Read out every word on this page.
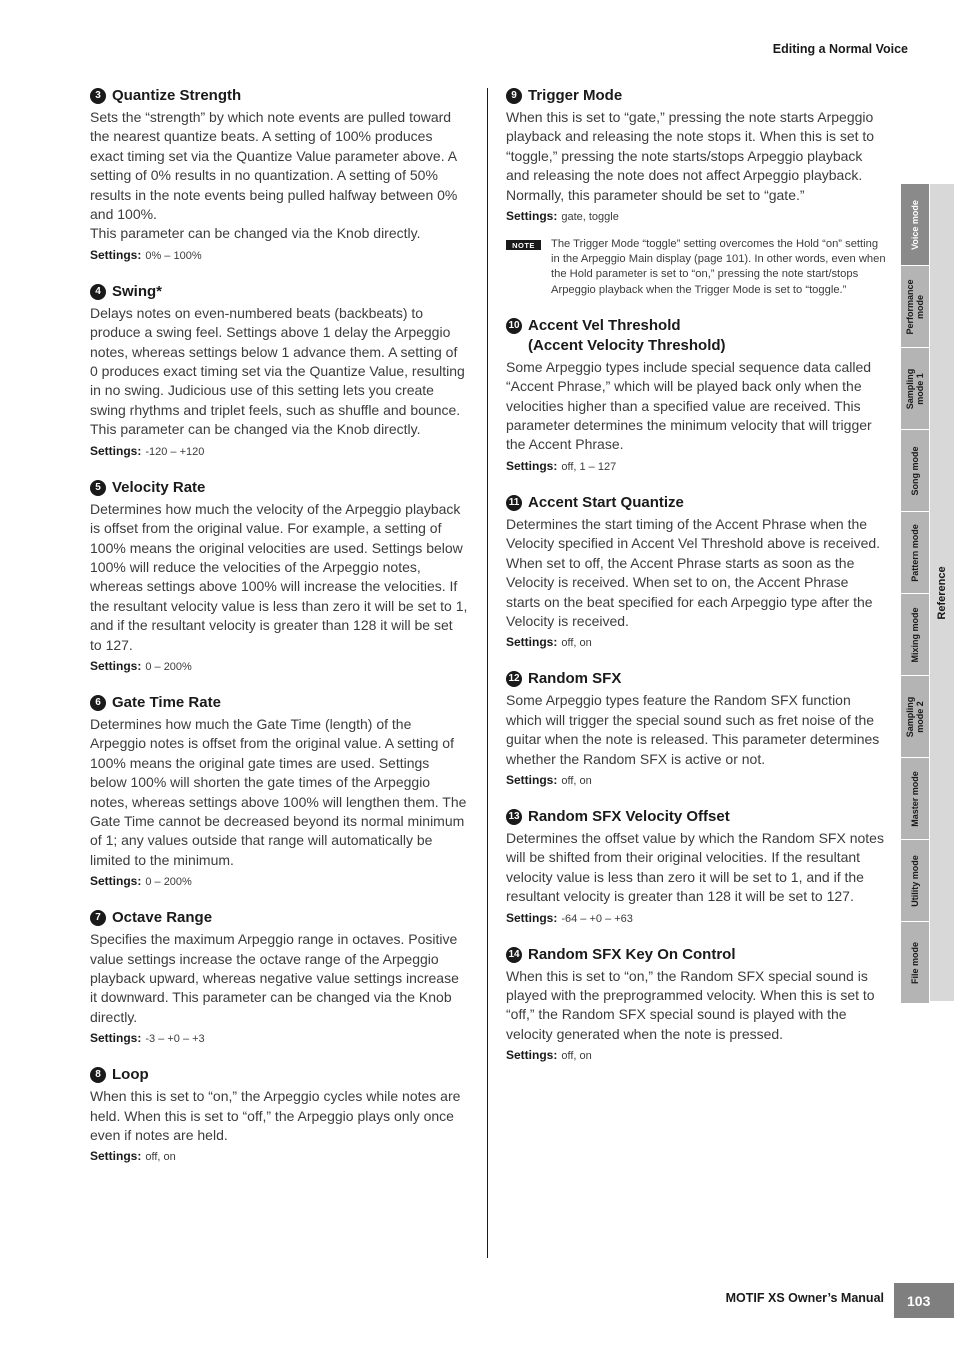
Editing a Normal Voice
3 Quantize Strength

Sets the “strength” by which note events are pulled toward the nearest quantize beats. A setting of 100% produces exact timing set via the Quantize Value parameter above. A setting of 0% results in no quantization. A setting of 50% results in the note events being pulled halfway between 0% and 100%.

This parameter can be changed via the Knob directly.

Settings: 0% – 100%
4 Swing*

Delays notes on even-numbered beats (backbeats) to produce a swing feel. Settings above 1 delay the Arpeggio notes, whereas settings below 1 advance them. A setting of 0 produces exact timing set via the Quantize Value, resulting in no swing. Judicious use of this setting lets you create swing rhythms and triplet feels, such as shuffle and bounce.

This parameter can be changed via the Knob directly.

Settings: -120 – +120
5 Velocity Rate

Determines how much the velocity of the Arpeggio playback is offset from the original value. For example, a setting of 100% means the original velocities are used. Settings below 100% will reduce the velocities of the Arpeggio notes, whereas settings above 100% will increase the velocities. If the resultant velocity value is less than zero it will be set to 1, and if the resultant velocity is greater than 128 it will be set to 127.

Settings: 0 – 200%
6 Gate Time Rate

Determines how much the Gate Time (length) of the Arpeggio notes is offset from the original value. A setting of 100% means the original gate times are used. Settings below 100% will shorten the gate times of the Arpeggio notes, whereas settings above 100% will lengthen them. The Gate Time cannot be decreased beyond its normal minimum of 1; any values outside that range will automatically be limited to the minimum.

Settings: 0 – 200%
7 Octave Range

Specifies the maximum Arpeggio range in octaves. Positive value settings increase the octave range of the Arpeggio playback upward, whereas negative value settings increase it downward. This parameter can be changed via the Knob directly.

Settings: -3 – +0 – +3
8 Loop

When this is set to “on,” the Arpeggio cycles while notes are held. When this is set to “off,” the Arpeggio plays only once even if notes are held.

Settings: off, on
9 Trigger Mode

When this is set to “gate,” pressing the note starts Arpeggio playback and releasing the note stops it. When this is set to “toggle,” pressing the note starts/stops Arpeggio playback and releasing the note does not affect Arpeggio playback. Normally, this parameter should be set to “gate.”

Settings: gate, toggle
NOTE	The Trigger Mode “toggle” setting overcomes the Hold “on” setting in the Arpeggio Main display (page 101). In other words, even when the Hold parameter is set to “on,” pressing the note start/stops Arpeggio playback when the Trigger Mode is set to “toggle.”
10 Accent Vel Threshold
(Accent Velocity Threshold)

Some Arpeggio types include special sequence data called “Accent Phrase,” which will be played back only when the velocities higher than a specified value are received. This parameter determines the minimum velocity that will trigger the Accent Phrase.

Settings: off, 1 – 127
11 Accent Start Quantize

Determines the start timing of the Accent Phrase when the Velocity specified in Accent Vel Threshold above is received. When set to off, the Accent Phrase starts as soon as the Velocity is received. When set to on, the Accent Phrase starts on the beat specified for each Arpeggio type after the Velocity is received.

Settings: off, on
12 Random SFX

Some Arpeggio types feature the Random SFX function which will trigger the special sound such as fret noise of the guitar when the note is released. This parameter determines whether the Random SFX is active or not.

Settings: off, on
13 Random SFX Velocity Offset

Determines the offset value by which the Random SFX notes will be shifted from their original velocities. If the resultant velocity value is less than zero it will be set to 1, and if the resultant velocity is greater than 128 it will be set to 127.

Settings: -64 – +0 – +63
14 Random SFX Key On Control

When this is set to “on,” the Random SFX special sound is played with the preprogrammed velocity. When this is set to “off,” the Random SFX special sound is played with the velocity generated when the note is pressed.

Settings: off, on
Voice mode
Performance mode
Sampling mode 1
Song mode
Pattern mode
Mixing mode
Sampling mode 2
Master mode
Utility mode
File mode
Reference
MOTIF XS Owner’s Manual	103
